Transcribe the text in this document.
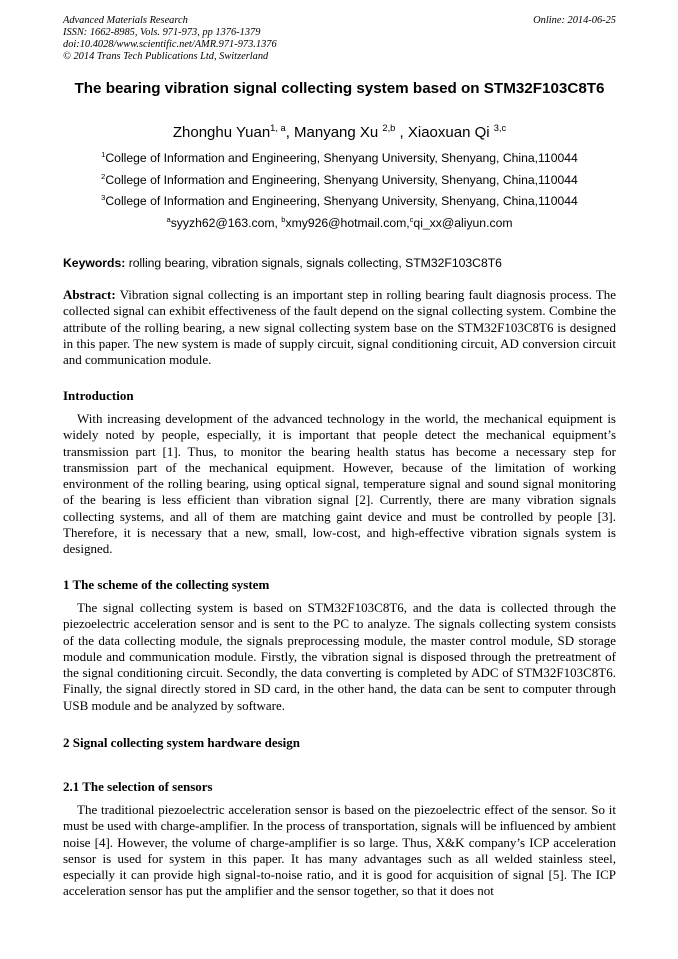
Advanced Materials Research
ISSN: 1662-8985, Vols. 971-973, pp 1376-1379
doi:10.4028/www.scientific.net/AMR.971-973.1376
© 2014 Trans Tech Publications Ltd, Switzerland
Online: 2014-06-25
The bearing vibration signal collecting system based on STM32F103C8T6
Zhonghu Yuan$^{1, a}$, Manyang Xu $^{2,b}$ , Xiaoxuan Qi $^{3,c}$
$^1$College of Information and Engineering, Shenyang University, Shenyang, China,110044
$^2$College of Information and Engineering, Shenyang University, Shenyang, China,110044
$^3$College of Information and Engineering, Shenyang University, Shenyang, China,110044
$^a$syyzh62@163.com, $^b$xmy926@hotmail.com,$^c$qi_xx@aliyun.com
Keywords: rolling bearing, vibration signals, signals collecting, STM32F103C8T6
Abstract: Vibration signal collecting is an important step in rolling bearing fault diagnosis process. The collected signal can exhibit effectiveness of the fault depend on the signal collecting system. Combine the attribute of the rolling bearing, a new signal collecting system base on the STM32F103C8T6 is designed in this paper. The new system is made of supply circuit, signal conditioning circuit, AD conversion circuit and communication module.
Introduction
With increasing development of the advanced technology in the world, the mechanical equipment is widely noted by people, especially, it is important that people detect the mechanical equipment’s transmission part [1]. Thus, to monitor the bearing health status has become a necessary step for transmission part of the mechanical equipment. However, because of the limitation of working environment of the rolling bearing, using optical signal, temperature signal and sound signal monitoring of the bearing is less efficient than vibration signal [2]. Currently, there are many vibration signals collecting systems, and all of them are matching gaint device and must be controlled by people [3]. Therefore, it is necessary that a new, small, low-cost, and high-effective vibration signals system is designed.
1 The scheme of the collecting system
The signal collecting system is based on STM32F103C8T6, and the data is collected through the piezoelectric acceleration sensor and is sent to the PC to analyze. The signals collecting system consists of the data collecting module, the signals preprocessing module, the master control module, SD storage module and communication module. Firstly, the vibration signal is disposed through the pretreatment of the signal conditioning circuit. Secondly, the data converting is completed by ADC of STM32F103C8T6. Finally, the signal directly stored in SD card, in the other hand, the data can be sent to computer through USB module and be analyzed by software.
2 Signal collecting system hardware design
2.1 The selection of sensors
The traditional piezoelectric acceleration sensor is based on the piezoelectric effect of the sensor. So it must be used with charge-amplifier. In the process of transportation, signals will be influenced by ambient noise [4]. However, the volume of charge-amplifier is so large. Thus, X&K company’s ICP acceleration sensor is used for system in this paper. It has many advantages such as all welded stainless steel, especially it can provide high signal-to-noise ratio, and it is good for acquisition of signal [5]. The ICP acceleration sensor has put the amplifier and the sensor together, so that it does not
